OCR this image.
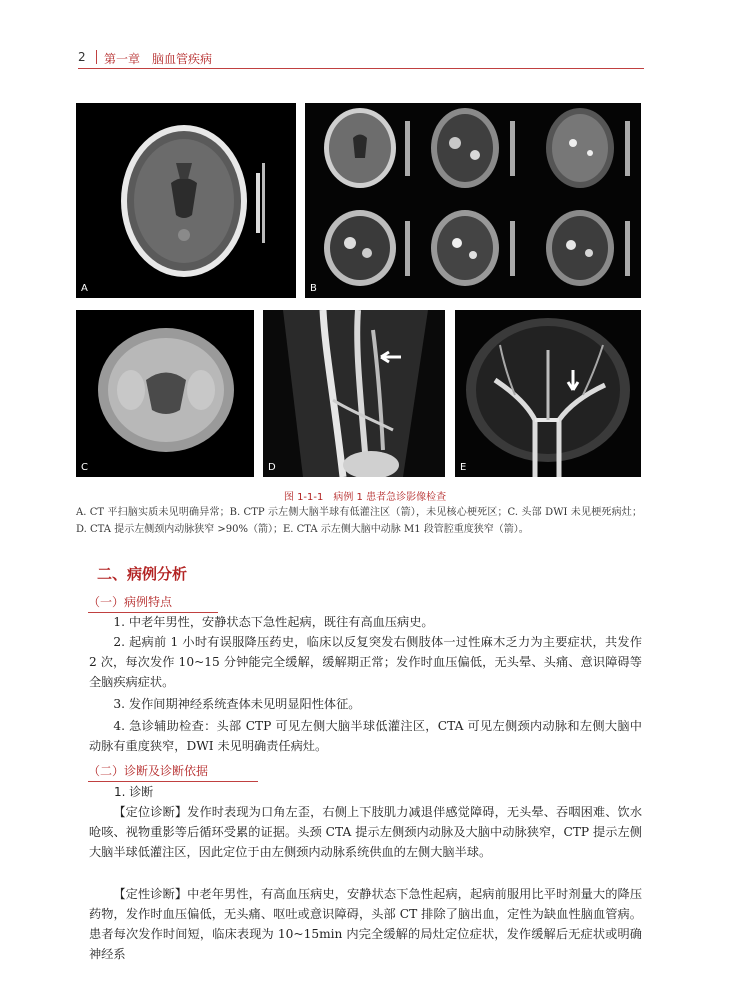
2 第一章　脑血管疾病
A	B
C	D	E
图 1-1-1　病例 1 患者急诊影像检查
A. CT 平扫脑实质未见明确异常；B. CTP 示左侧大脑半球有低灌注区（箭），未见核心梗死区；C. 头部 DWI 未见梗死病灶；D. CTA 提示左侧颈内动脉狭窄 >90%（箭）；E. CTA 示左侧大脑中动脉 M1 段管腔重度狭窄（箭）。
二、病例分析
（一）病例特点
1. 中老年男性，安静状态下急性起病，既往有高血压病史。
2. 起病前 1 小时有误服降压药史，临床以反复突发右侧肢体一过性麻木乏力为主要症状，共发作 2 次，每次发作 10~15 分钟能完全缓解，缓解期正常；发作时血压偏低，无头晕、头痛、意识障碍等全脑疾病症状。
3. 发作间期神经系统查体未见明显阳性体征。
4. 急诊辅助检查：头部 CTP 可见左侧大脑半球低灌注区，CTA 可见左侧颈内动脉和左侧大脑中动脉有重度狭窄，DWI 未见明确责任病灶。
（二）诊断及诊断依据
1. 诊断
【定位诊断】发作时表现为口角左歪，右侧上下肢肌力减退伴感觉障碍，无头晕、吞咽困难、饮水呛咳、视物重影等后循环受累的证据。头颈 CTA 提示左侧颈内动脉及大脑中动脉狭窄，CTP 提示左侧大脑半球低灌注区，因此定位于由左侧颈内动脉系统供血的左侧大脑半球。
【定性诊断】中老年男性，有高血压病史，安静状态下急性起病，起病前服用比平时剂量大的降压药物，发作时血压偏低，无头痛、呕吐或意识障碍，头部 CT 排除了脑出血，定性为缺血性脑血管病。患者每次发作时间短，临床表现为 10~15min 内完全缓解的局灶定位症状，发作缓解后无症状或明确神经系
